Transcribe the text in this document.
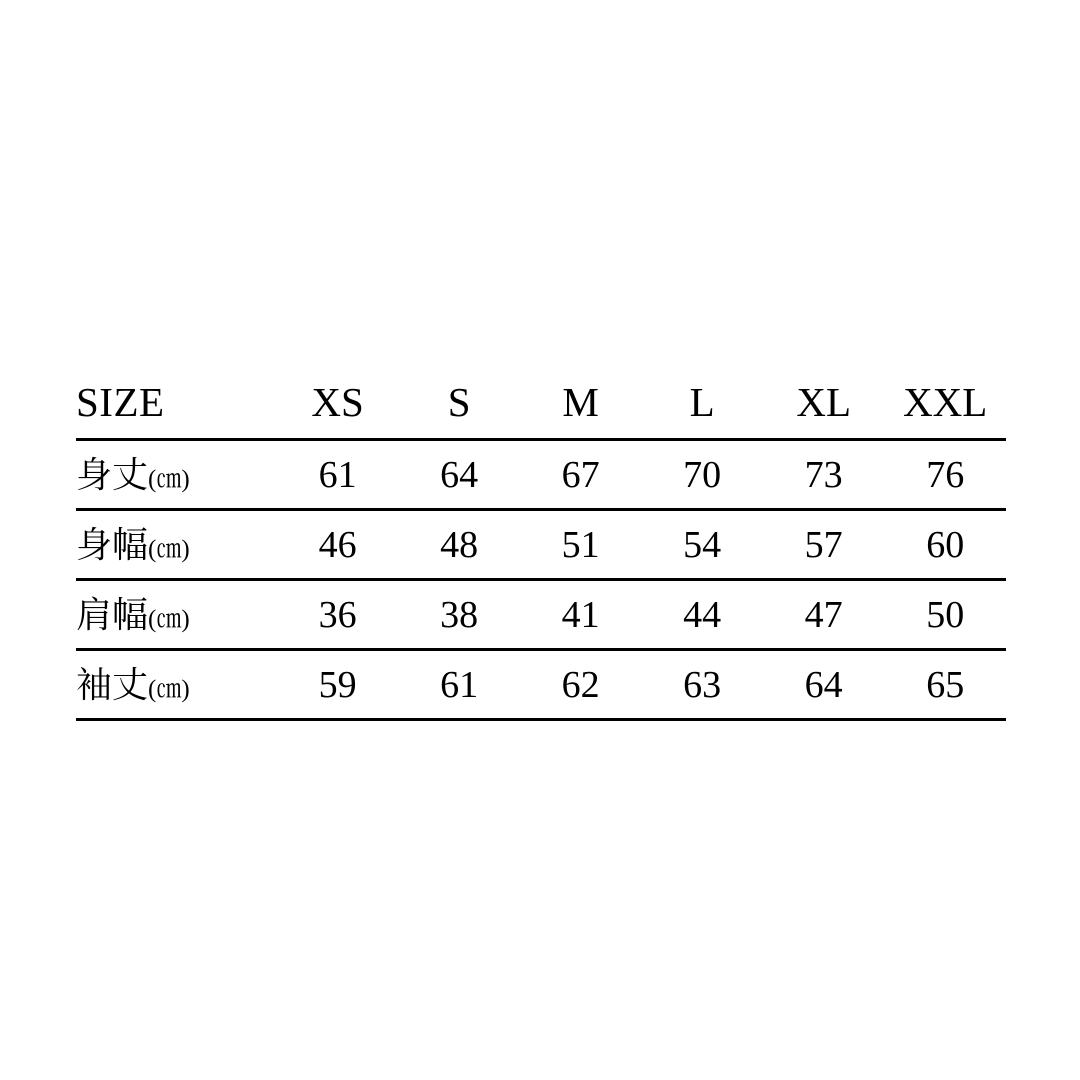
SIZE	XS	S	M	L	XL	XXL
身丈(㎝)	61	64	67	70	73	76
身幅(㎝)	46	48	51	54	57	60
肩幅(㎝)	36	38	41	44	47	50
袖丈(㎝)	59	61	62	63	64	65
